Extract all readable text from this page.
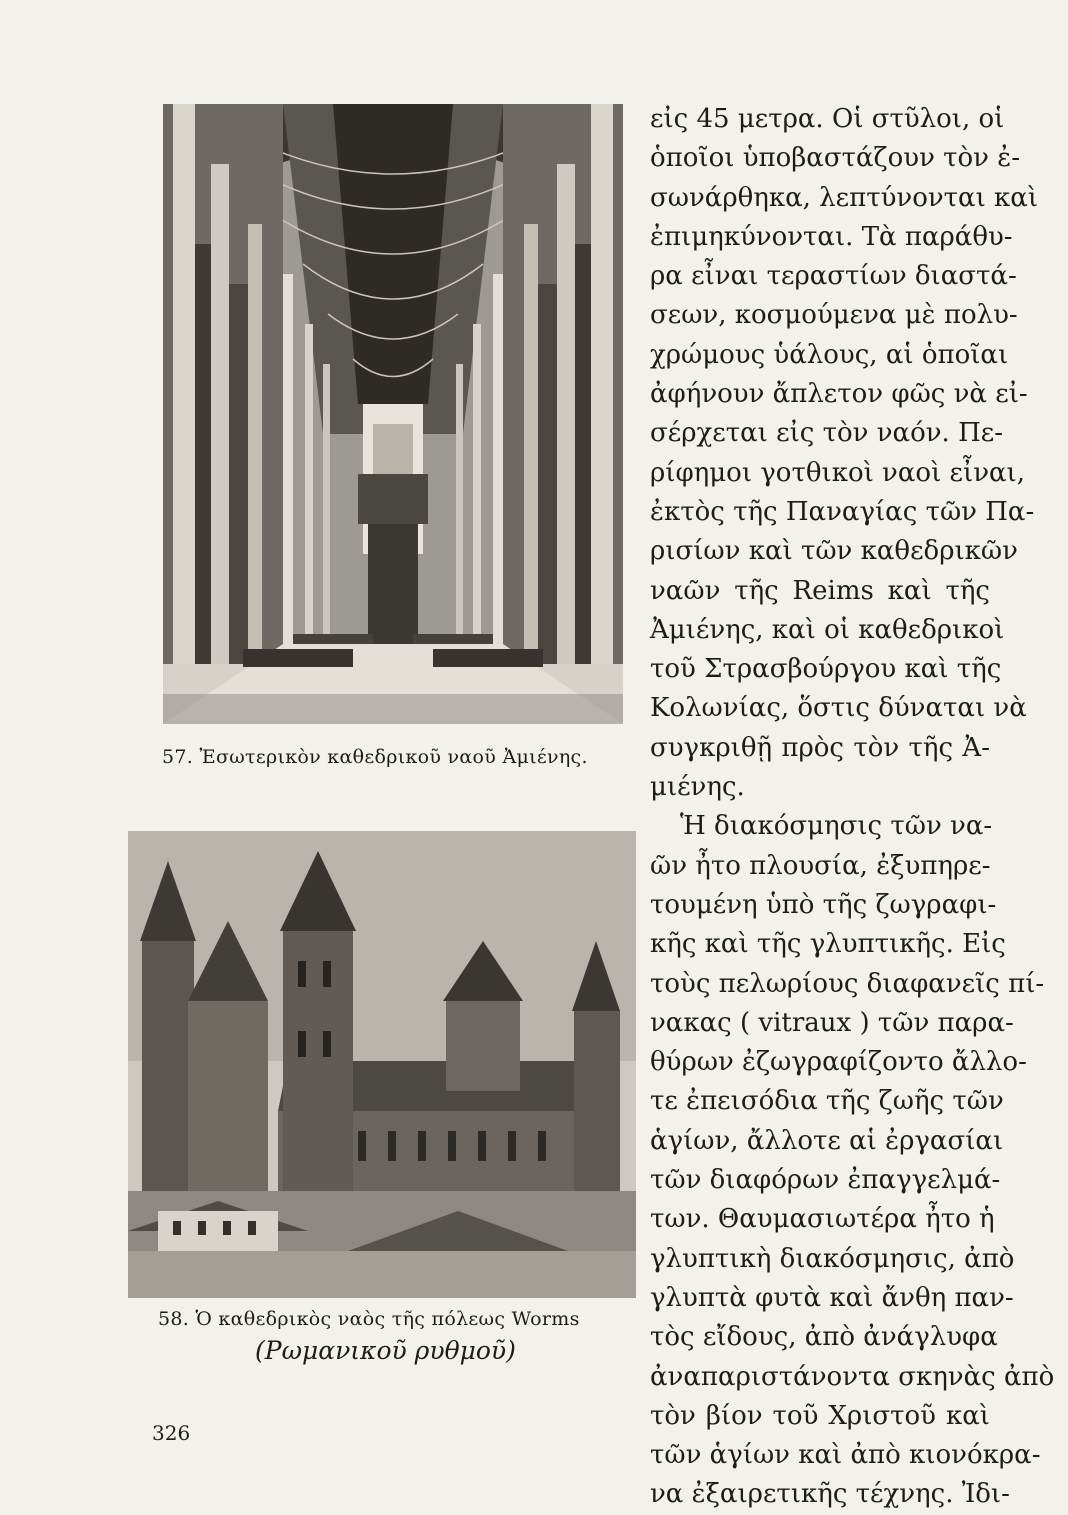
57. Ἐσωτερικὸν καθεδρικοῦ ναοῦ Ἀμιένης.
58. Ὁ καθεδρικὸς ναὸς τῆς πόλεως Worms
(Ρωμανικοῦ ρυθμοῦ)
εἰς 45 μετρα. Οἱ στῦλοι, οἱ
ὁποῖοι ὑποβαστάζουν τὸν ἐ-
σωνάρθηκα, λεπτύνονται καὶ
ἐπιμηκύνονται. Τὰ παράθυ-
ρα εἶναι τεραστίων διαστά-
σεων, κοσμούμενα μὲ πολυ-
χρώμους ὑάλους, αἱ ὁποῖαι
ἀφήνουν ἄπλετον φῶς νὰ εἰ-
σέρχεται εἰς τὸν ναόν. Πε-
ρίφημοι γοτθικοὶ ναοὶ εἶναι,
ἐκτὸς τῆς Παναγίας τῶν Πα-
ρισίων καὶ τῶν καθεδρικῶν
ναῶν τῆς Reims καὶ τῆς
Ἀμιένης, καὶ οἱ καθεδρικοὶ
τοῦ Στρασβούργου καὶ τῆς
Κολωνίας, ὅστις δύναται νὰ
συγκριθῇ πρὸς τὸν τῆς Ἀ-
μιένης.
Ἡ διακόσμησις τῶν να-
ῶν ἦτο πλουσία, ἐξυπηρε-
τουμένη ὑπὸ τῆς ζωγραφι-
κῆς καὶ τῆς γλυπτικῆς. Εἰς
τοὺς πελωρίους διαφανεῖς πί-
νακας ( vitraux ) τῶν παρα-
θύρων ἐζωγραφίζοντο ἄλλο-
τε ἐπεισόδια τῆς ζωῆς τῶν
ἁγίων, ἄλλοτε αἱ ἐργασίαι
τῶν διαφόρων ἐπαγγελμά-
των. Θαυμασιωτέρα ἦτο ἡ
γλυπτικὴ διακόσμησις, ἀπὸ
γλυπτὰ φυτὰ καὶ ἄνθη παν-
τὸς εἴδους, ἀπὸ ἀνάγλυφα
ἀναπαριστάνοντα σκηνὰς ἀπὸ
τὸν βίον τοῦ Χριστοῦ καὶ
τῶν ἁγίων καὶ ἀπὸ κιονόκρα-
να ἐξαιρετικῆς τέχνης. Ἰδι-
326
